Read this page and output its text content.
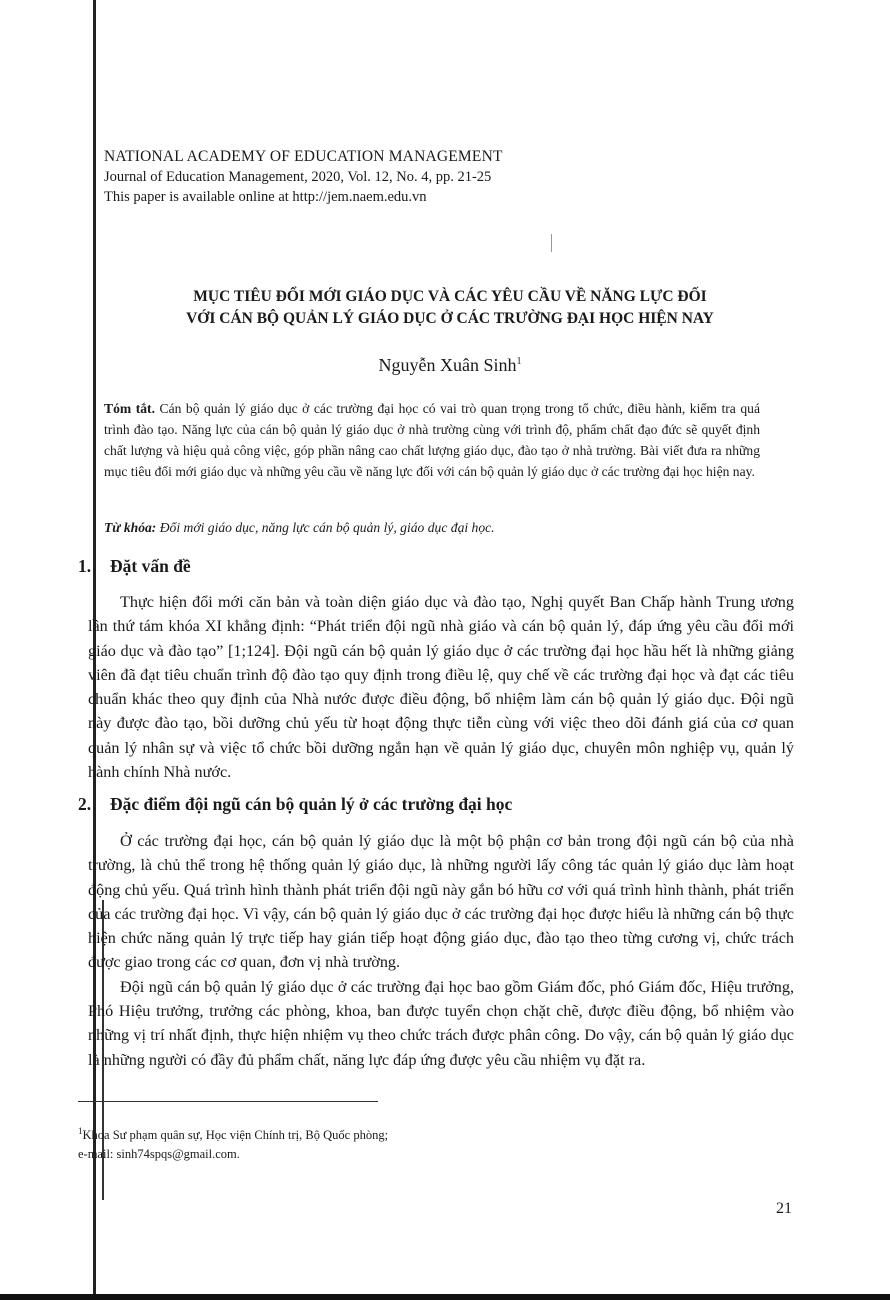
NATIONAL ACADEMY OF EDUCATION MANAGEMENT
Journal of Education Management, 2020, Vol. 12, No. 4, pp. 21-25
This paper is available online at http://jem.naem.edu.vn
MỤC TIÊU ĐỔI MỚI GIÁO DỤC VÀ CÁC YÊU CẦU VỀ NĂNG LỰC ĐỐI
VỚI CÁN BỘ QUẢN LÝ GIÁO DỤC Ở CÁC TRƯỜNG ĐẠI HỌC HIỆN NAY
Nguyễn Xuân Sinh$^1$
Tóm tắt. Cán bộ quản lý giáo dục ở các trường đại học có vai trò quan trọng trong tổ chức, điều hành, kiểm tra quá trình đào tạo. Năng lực của cán bộ quản lý giáo dục ở nhà trường cùng với trình độ, phẩm chất đạo đức sẽ quyết định chất lượng và hiệu quả công việc, góp phần nâng cao chất lượng giáo dục, đào tạo ở nhà trường. Bài viết đưa ra những mục tiêu đổi mới giáo dục và những yêu cầu về năng lực đối với cán bộ quản lý giáo dục ở các trường đại học hiện nay.
Từ khóa: Đổi mới giáo dục, năng lực cán bộ quản lý, giáo dục đại học.
1. Đặt vấn đề

Thực hiện đổi mới căn bản và toàn diện giáo dục và đào tạo, Nghị quyết Ban Chấp hành Trung ương lần thứ tám khóa XI khẳng định: “Phát triển đội ngũ nhà giáo và cán bộ quản lý, đáp ứng yêu cầu đổi mới giáo dục và đào tạo” [1;124]. Đội ngũ cán bộ quản lý giáo dục ở các trường đại học hầu hết là những giảng viên đã đạt tiêu chuẩn trình độ đào tạo quy định trong điều lệ, quy chế về các trường đại học và đạt các tiêu chuẩn khác theo quy định của Nhà nước được điều động, bổ nhiệm làm cán bộ quản lý giáo dục. Đội ngũ này được đào tạo, bồi dưỡng chủ yếu từ hoạt động thực tiễn cùng với việc theo dõi đánh giá của cơ quan quản lý nhân sự và việc tổ chức bồi dưỡng ngắn hạn về quản lý giáo dục, chuyên môn nghiệp vụ, quản lý hành chính Nhà nước.

2. Đặc điểm đội ngũ cán bộ quản lý ở các trường đại học

Ở các trường đại học, cán bộ quản lý giáo dục là một bộ phận cơ bản trong đội ngũ cán bộ của nhà trường, là chủ thể trong hệ thống quản lý giáo dục, là những người lấy công tác quản lý giáo dục làm hoạt động chủ yếu. Quá trình hình thành phát triển đội ngũ này gắn bó hữu cơ với quá trình hình thành, phát triển của các trường đại học. Vì vậy, cán bộ quản lý giáo dục ở các trường đại học được hiểu là những cán bộ thực hiện chức năng quản lý trực tiếp hay gián tiếp hoạt động giáo dục, đào tạo theo từng cương vị, chức trách được giao trong các cơ quan, đơn vị nhà trường.

Đội ngũ cán bộ quản lý giáo dục ở các trường đại học bao gồm Giám đốc, phó Giám đốc, Hiệu trưởng, Phó Hiệu trưởng, trưởng các phòng, khoa, ban được tuyển chọn chặt chẽ, được điều động, bổ nhiệm vào những vị trí nhất định, thực hiện nhiệm vụ theo chức trách được phân công. Do vậy, cán bộ quản lý giáo dục là những người có đầy đủ phẩm chất, năng lực đáp ứng được yêu cầu nhiệm vụ đặt ra.

$^1$Khoa Sư phạm quân sự, Học viện Chính trị, Bộ Quốc phòng;
e-mail: sinh74spqs@gmail.com.
21
